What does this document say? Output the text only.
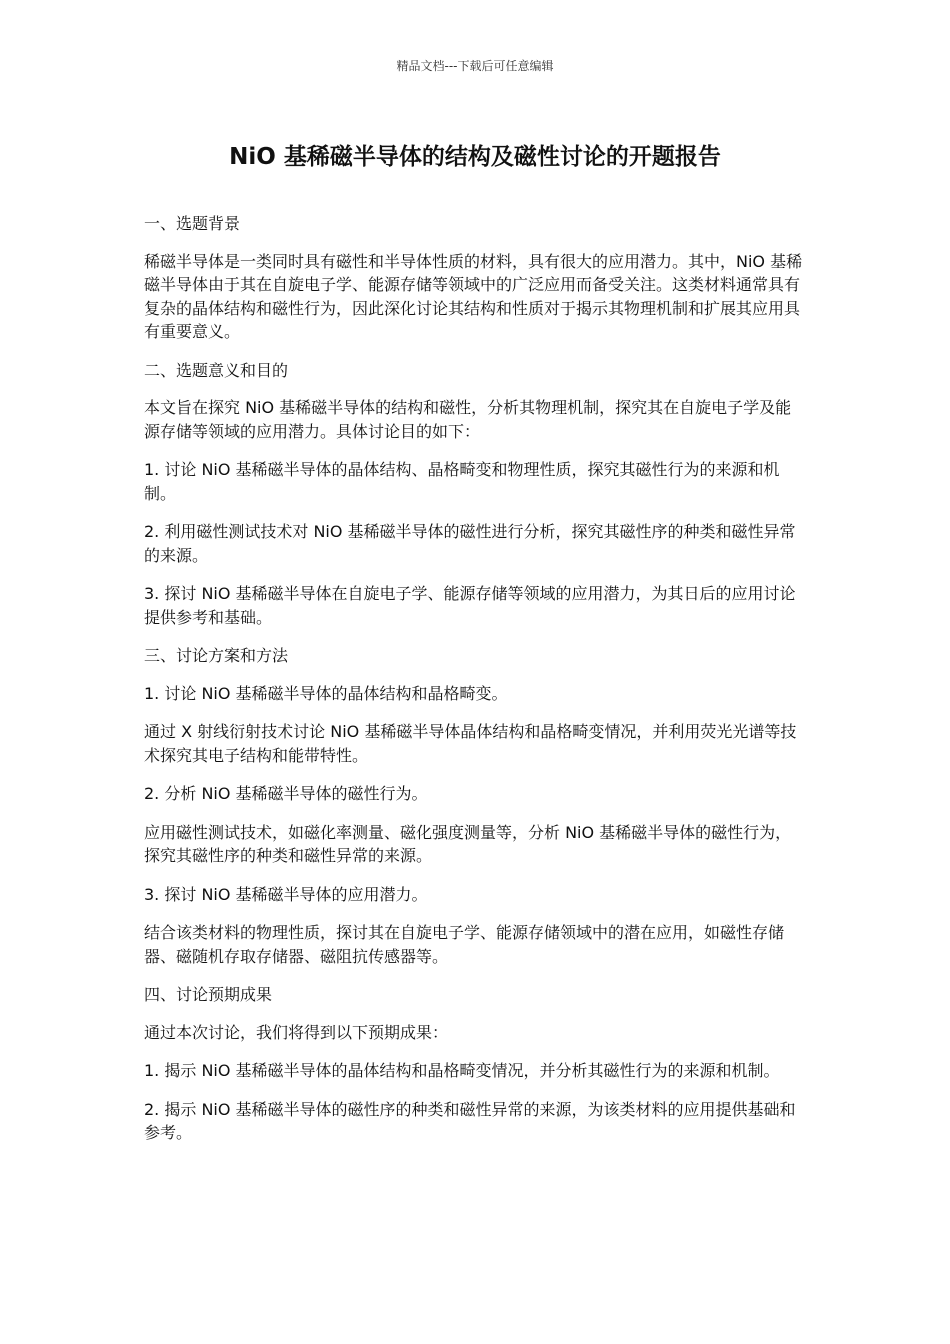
精品文档---下载后可任意编辑
NiO 基稀磁半导体的结构及磁性讨论的开题报告

一、选题背景

稀磁半导体是一类同时具有磁性和半导体性质的材料，具有很大的应用潜力。其中，NiO 基稀磁半导体由于其在自旋电子学、能源存储等领域中的广泛应用而备受关注。这类材料通常具有复杂的晶体结构和磁性行为，因此深化讨论其结构和性质对于揭示其物理机制和扩展其应用具有重要意义。

二、选题意义和目的

本文旨在探究 NiO 基稀磁半导体的结构和磁性，分析其物理机制，探究其在自旋电子学及能源存储等领域的应用潜力。具体讨论目的如下：

1. 讨论 NiO 基稀磁半导体的晶体结构、晶格畸变和物理性质，探究其磁性行为的来源和机制。

2. 利用磁性测试技术对 NiO 基稀磁半导体的磁性进行分析，探究其磁性序的种类和磁性异常的来源。

3. 探讨 NiO 基稀磁半导体在自旋电子学、能源存储等领域的应用潜力，为其日后的应用讨论提供参考和基础。

三、讨论方案和方法

1. 讨论 NiO 基稀磁半导体的晶体结构和晶格畸变。

通过 X 射线衍射技术讨论 NiO 基稀磁半导体晶体结构和晶格畸变情况，并利用荧光光谱等技术探究其电子结构和能带特性。

2. 分析 NiO 基稀磁半导体的磁性行为。

应用磁性测试技术，如磁化率测量、磁化强度测量等，分析 NiO 基稀磁半导体的磁性行为，探究其磁性序的种类和磁性异常的来源。

3. 探讨 NiO 基稀磁半导体的应用潜力。

结合该类材料的物理性质，探讨其在自旋电子学、能源存储领域中的潜在应用，如磁性存储器、磁随机存取存储器、磁阻抗传感器等。

四、讨论预期成果

通过本次讨论，我们将得到以下预期成果：

1. 揭示 NiO 基稀磁半导体的晶体结构和晶格畸变情况，并分析其磁性行为的来源和机制。

2. 揭示 NiO 基稀磁半导体的磁性序的种类和磁性异常的来源，为该类材料的应用提供基础和参考。
